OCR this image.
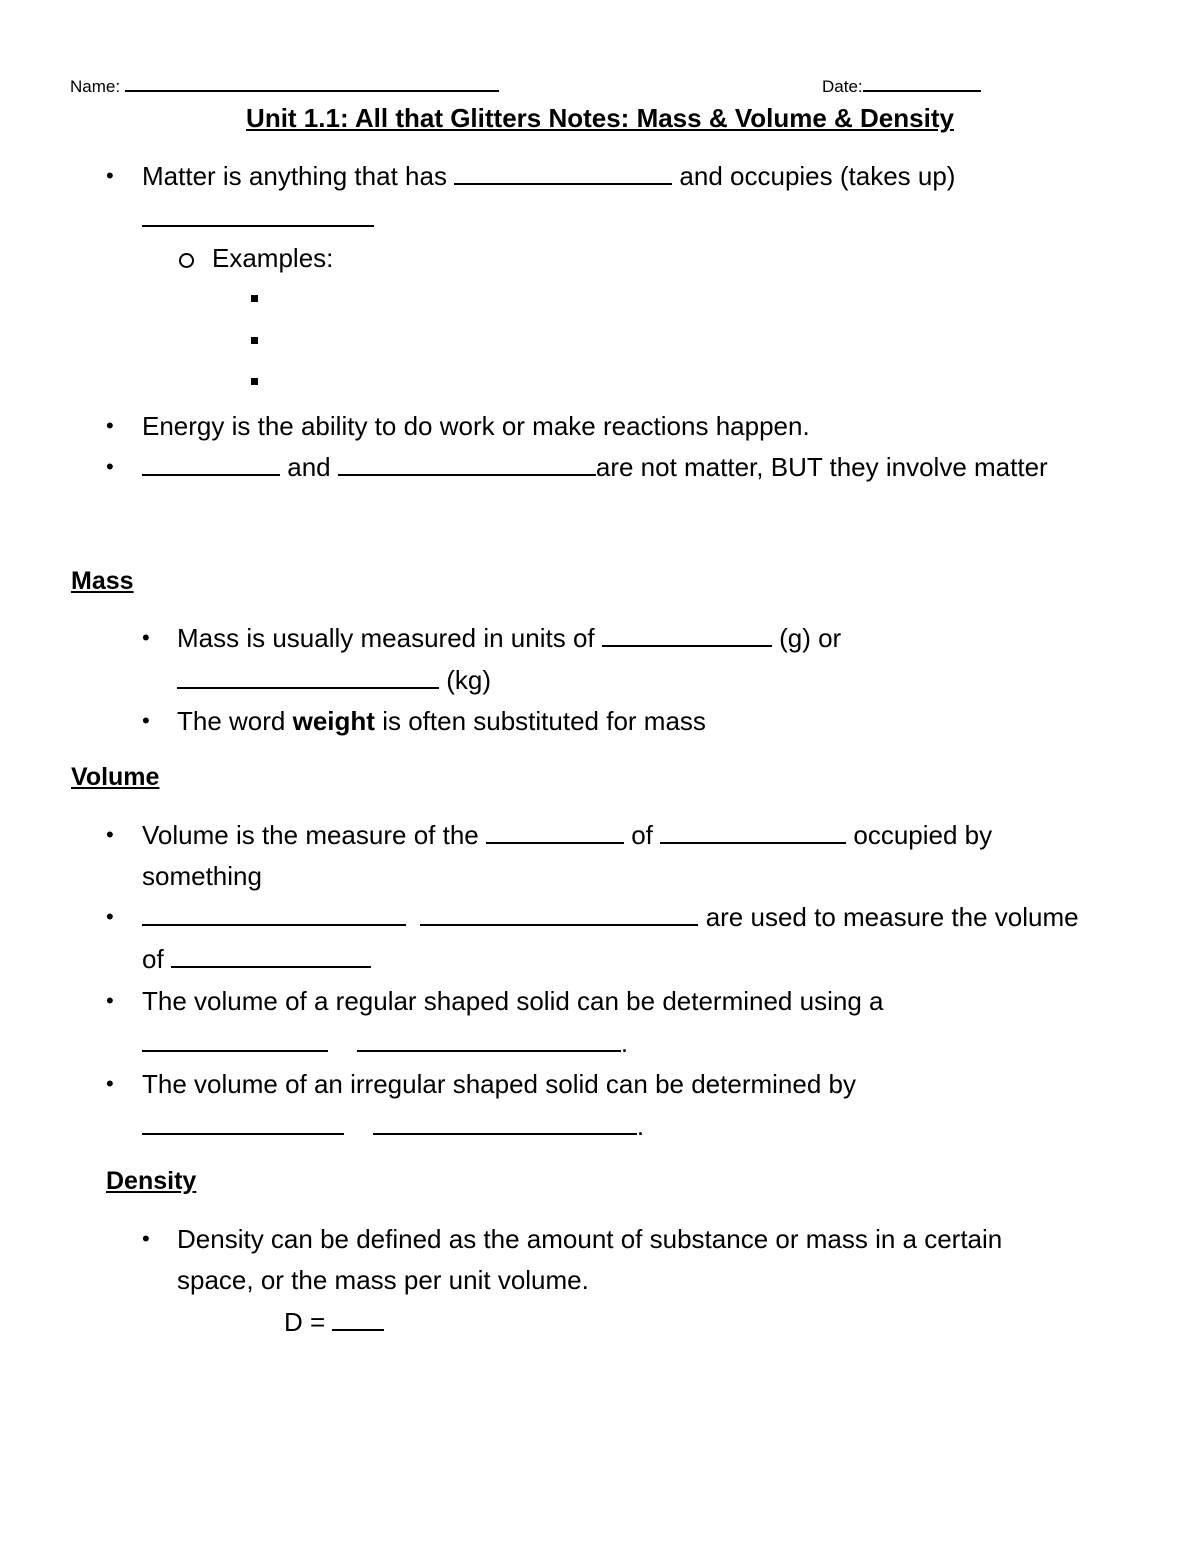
Name:	Date:
Unit 1.1: All that Glitters Notes: Mass & Volume & Density
• Matter is anything that has	and occupies (takes up)
Examples:
• Energy is the ability to do work or make reactions happen.
•	and	are not matter, BUT they involve matter
Mass
• Mass is usually measured in units of	(g) or
(kg)
• The word weight is often substituted for mass
Volume
• Volume is the measure of the	of	occupied by
something
•	are used to measure the volume
of
• The volume of a regular shaped solid can be determined using a
.
• The volume of an irregular shaped solid can be determined by
.
Density
• Density can be defined as the amount of substance or mass in a certain
space, or the mass per unit volume.
D =
